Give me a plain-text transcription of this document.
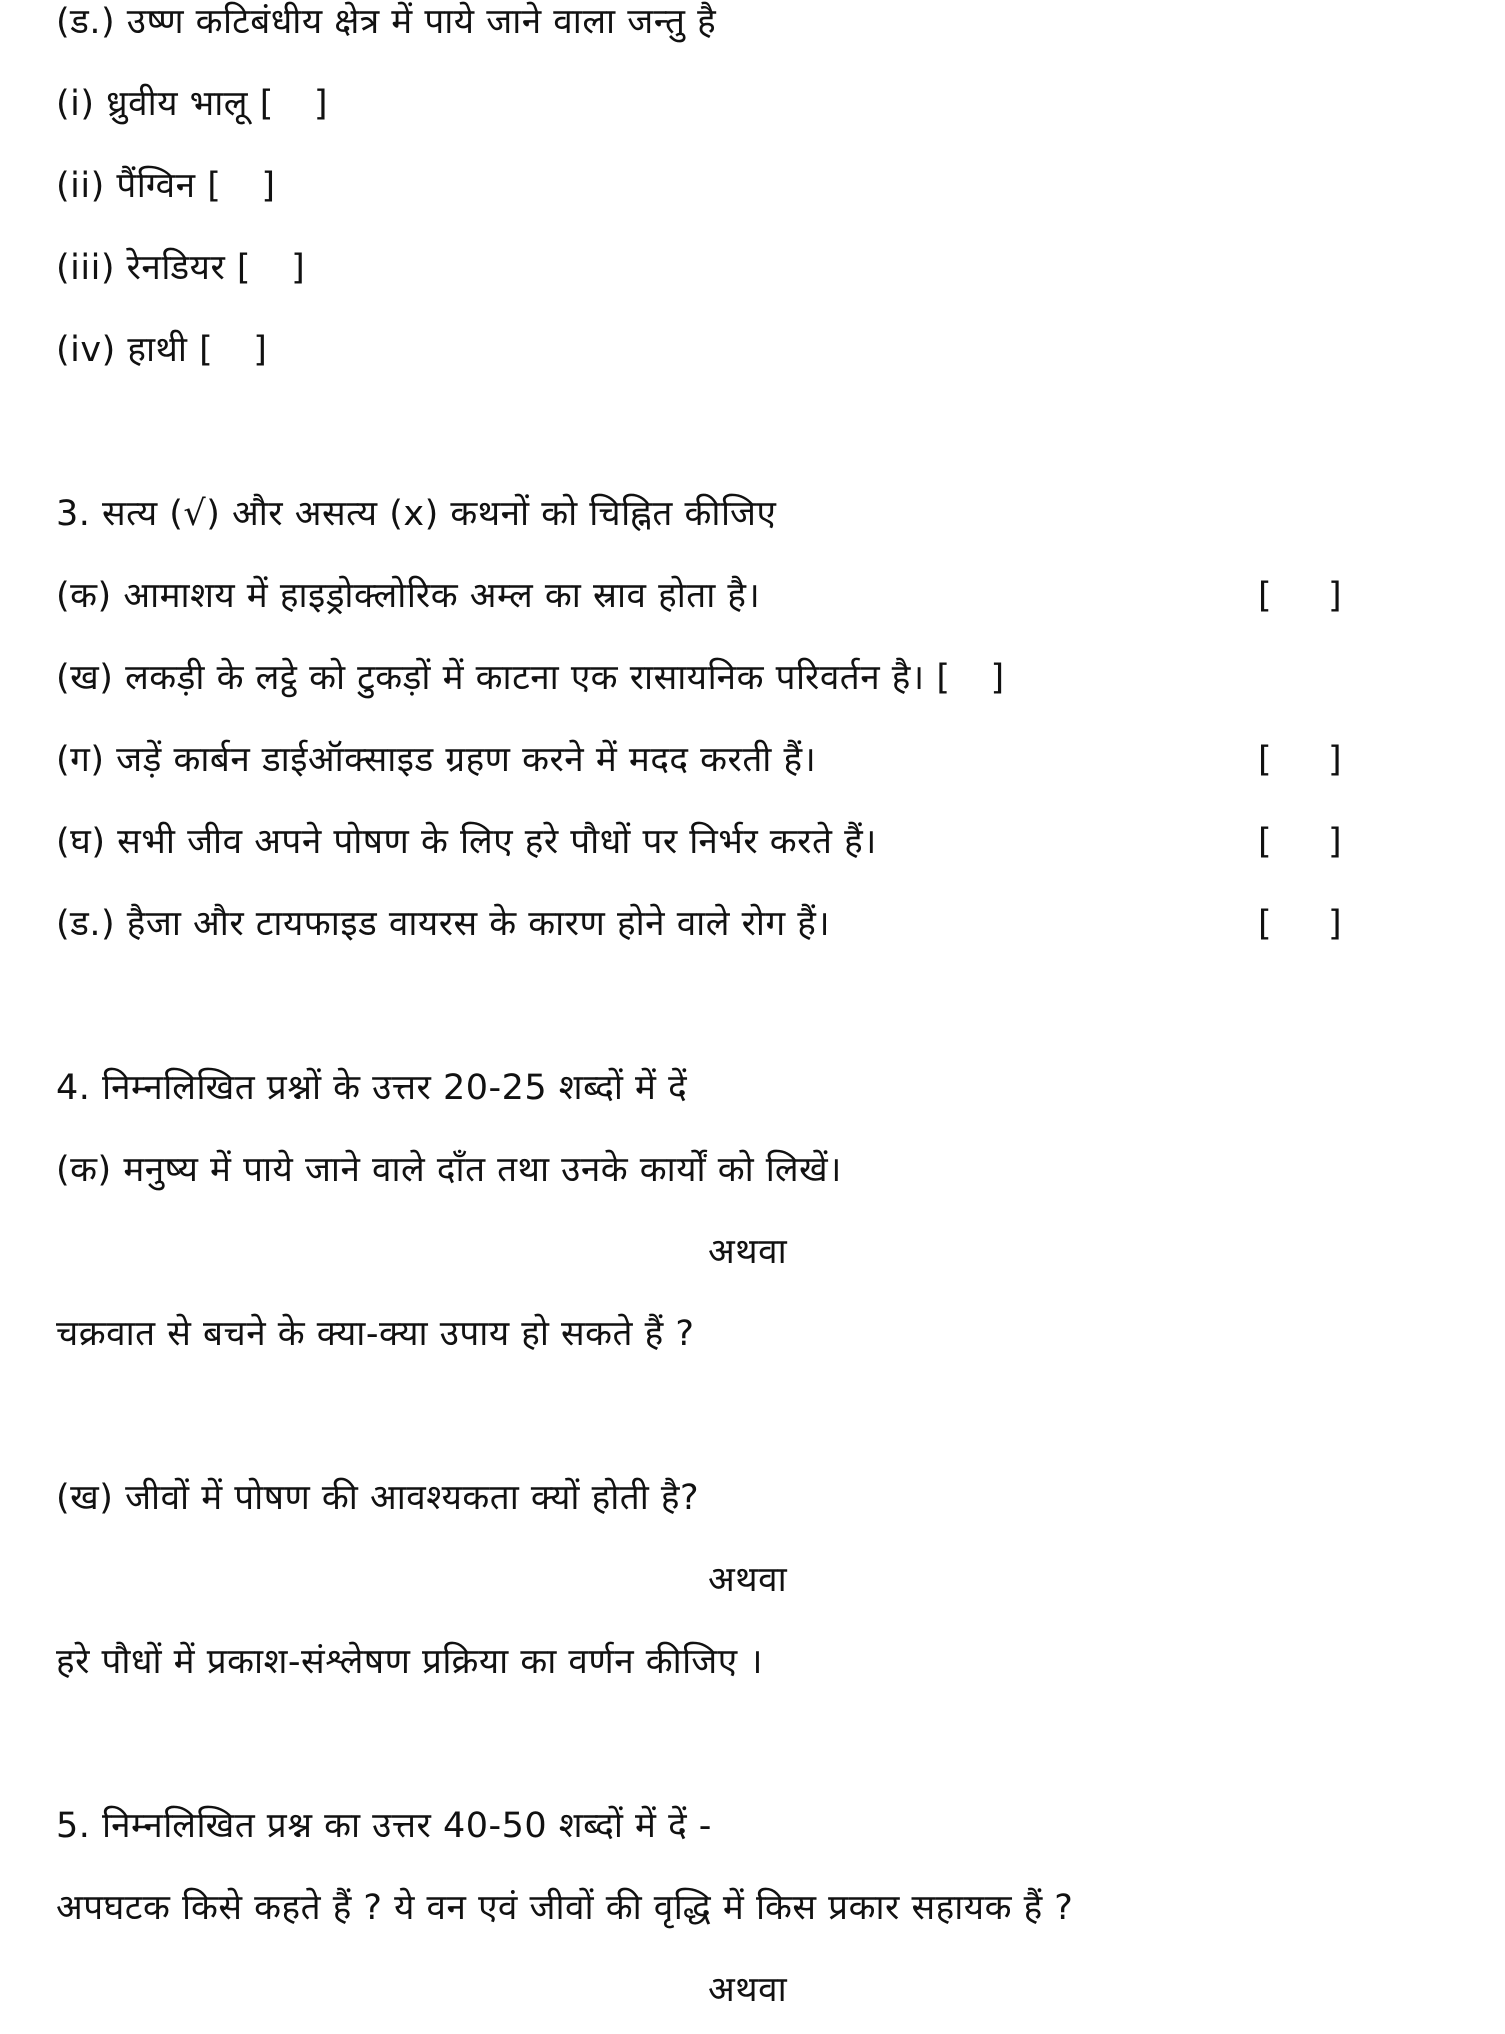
(ड.) उष्ण कटिबंधीय क्षेत्र में पाये जाने वाला जन्तु है
(i) ध्रुवीय भालू [ ]
(ii) पैंग्विन [ ]
(iii) रेनडियर [ ]
(iv) हाथी [ ]
3. सत्य (√) और असत्य (x) कथनों को चिह्नित कीजिए
(क) आमाशय में हाइड्रोक्लोरिक अम्ल का स्राव होता है।	[ ]
(ख) लकड़ी के लट्ठे को टुकड़ों में काटना एक रासायनिक परिवर्तन है। [ ]
(ग) जड़ें कार्बन डाईऑक्साइड ग्रहण करने में मदद करती हैं।	[ ]
(घ) सभी जीव अपने पोषण के लिए हरे पौधों पर निर्भर करते हैं।	[ ]
(ड.) हैजा और टायफाइड वायरस के कारण होने वाले रोग हैं।	[ ]
4. निम्नलिखित प्रश्नों के उत्तर 20-25 शब्दों में दें
(क) मनुष्य में पाये जाने वाले दाँत तथा उनके कार्यों को लिखें।
अथवा
चक्रवात से बचने के क्या-क्या उपाय हो सकते हैं ?
(ख) जीवों में पोषण की आवश्यकता क्यों होती है?
अथवा
हरे पौधों में प्रकाश-संश्लेषण प्रक्रिया का वर्णन कीजिए ।
5. निम्नलिखित प्रश्न का उत्तर 40-50 शब्दों में दें -
अपघटक किसे कहते हैं ? ये वन एवं जीवों की वृद्धि में किस प्रकार सहायक हैं ?
अथवा
